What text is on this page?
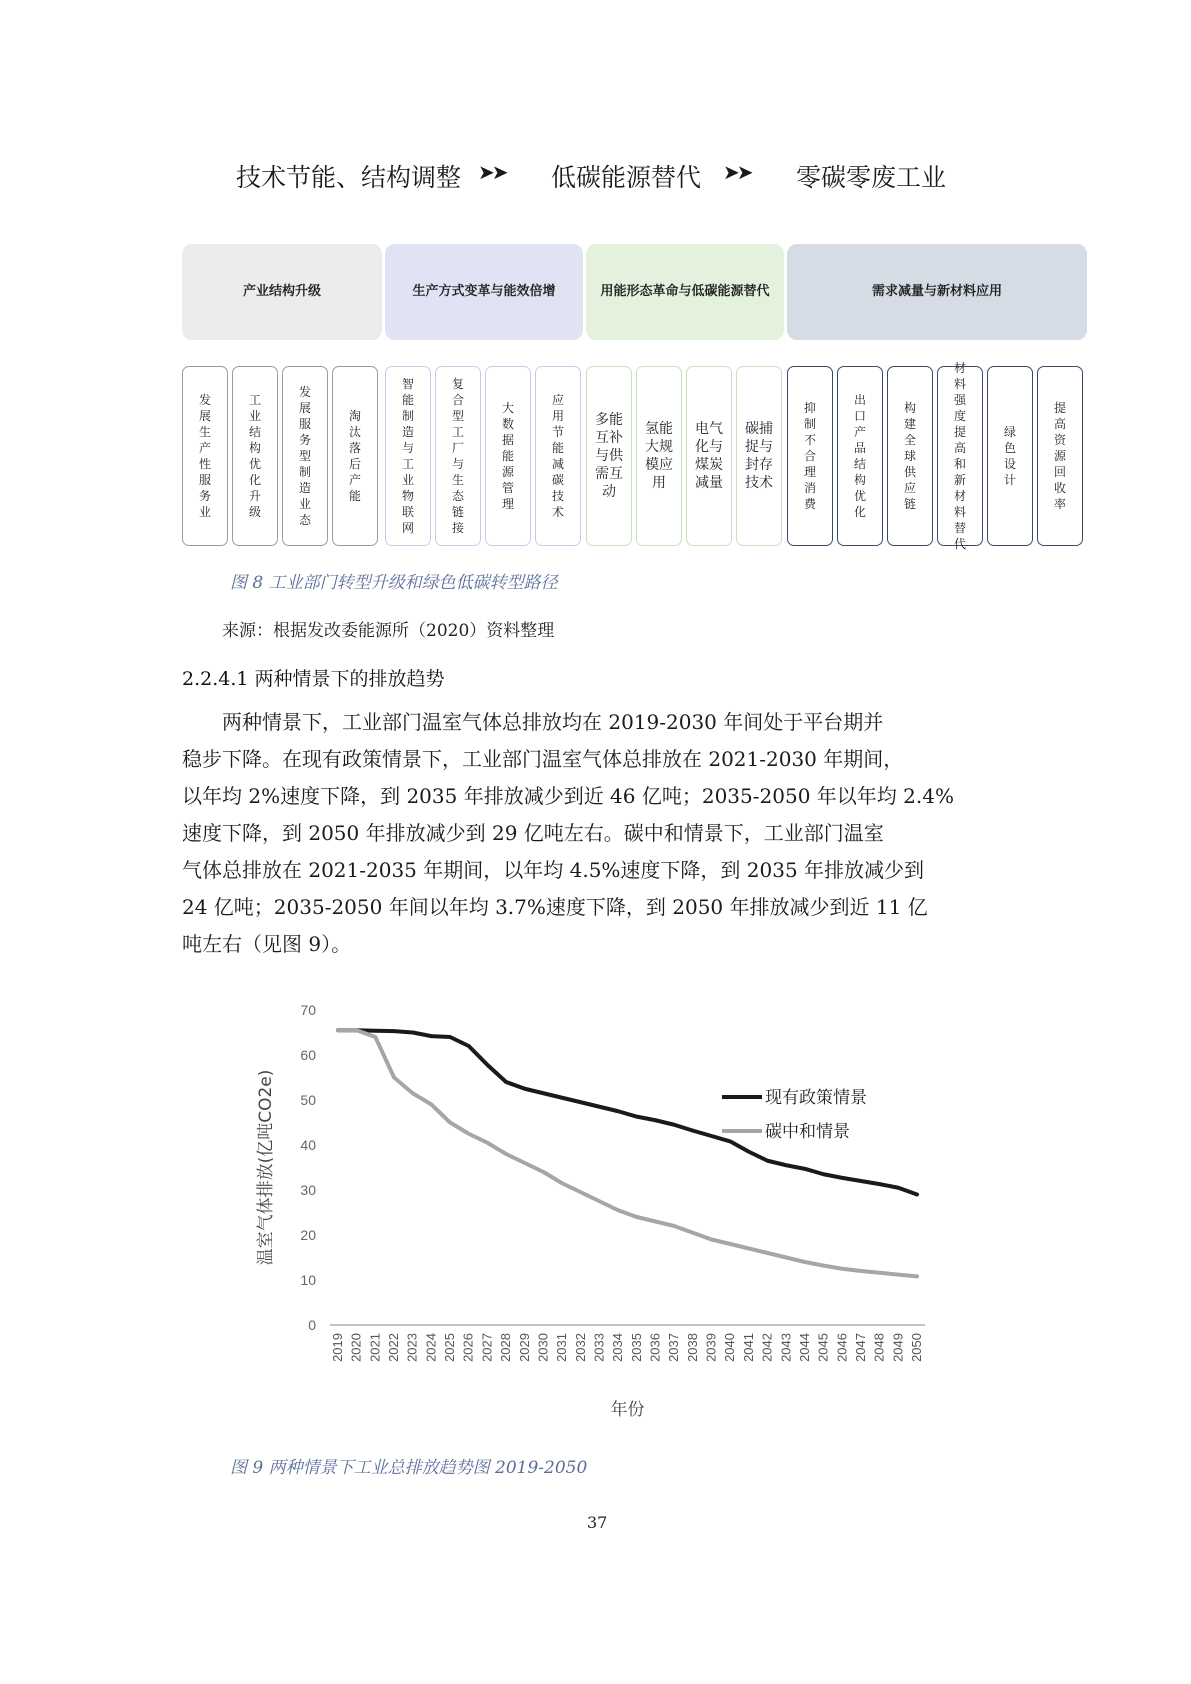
技术节能、结构调整 ➤➤ 低碳能源替代 ➤➤ 零碳零废工业
产业结构升级	生产方式变革与能效倍增	用能形态革命与低碳能源替代	需求减量与新材料应用
发展生产性服务业
工业结构优化升级
发展服务型制造业态
淘汰落后产能
智能制造与工业物联网
复合型工厂与生态链接
大数据能源管理
应用节能减碳技术
多能互补与供需互动
氢能大规模应用
电气化与煤炭减量
碳捕捉与封存技术
抑制不合理消费
出口产品结构优化
构建全球供应链
材料强度提高和新材料替代
绿色设计
提高资源回收率
图 8 工业部门转型升级和绿色低碳转型路径
来源：根据发改委能源所（2020）资料整理
2.2.4.1 两种情景下的排放趋势
两种情景下，工业部门温室气体总排放均在 2019-2030 年间处于平台期并
稳步下降。在现有政策情景下，工业部门温室气体总排放在 2021-2030 年期间，
以年均 2%速度下降，到 2035 年排放减少到近 46 亿吨；2035-2050 年以年均 2.4%
速度下降，到 2050 年排放减少到 29 亿吨左右。碳中和情景下，工业部门温室
气体总排放在 2021-2035 年期间，以年均 4.5%速度下降，到 2035 年排放减少到
24 亿吨；2035-2050 年间以年均 3.7%速度下降，到 2050 年排放减少到近 11 亿
吨左右（见图 9）。
0
10
20
30
40
50
60
70
2019 2020 2021 2022 2023 2024 2025 2026 2027 2028 2029 2030 2031 2032 2033 2034 2035 2036 2037 2038 2039 2040 2041 2042 2043 2044 2045 2046 2047 2048 2049 2050
现有政策情景
碳中和情景
温室气体排放(亿吨CO2e)
年份
图 9 两种情景下工业总排放趋势图 2019-2050
37
